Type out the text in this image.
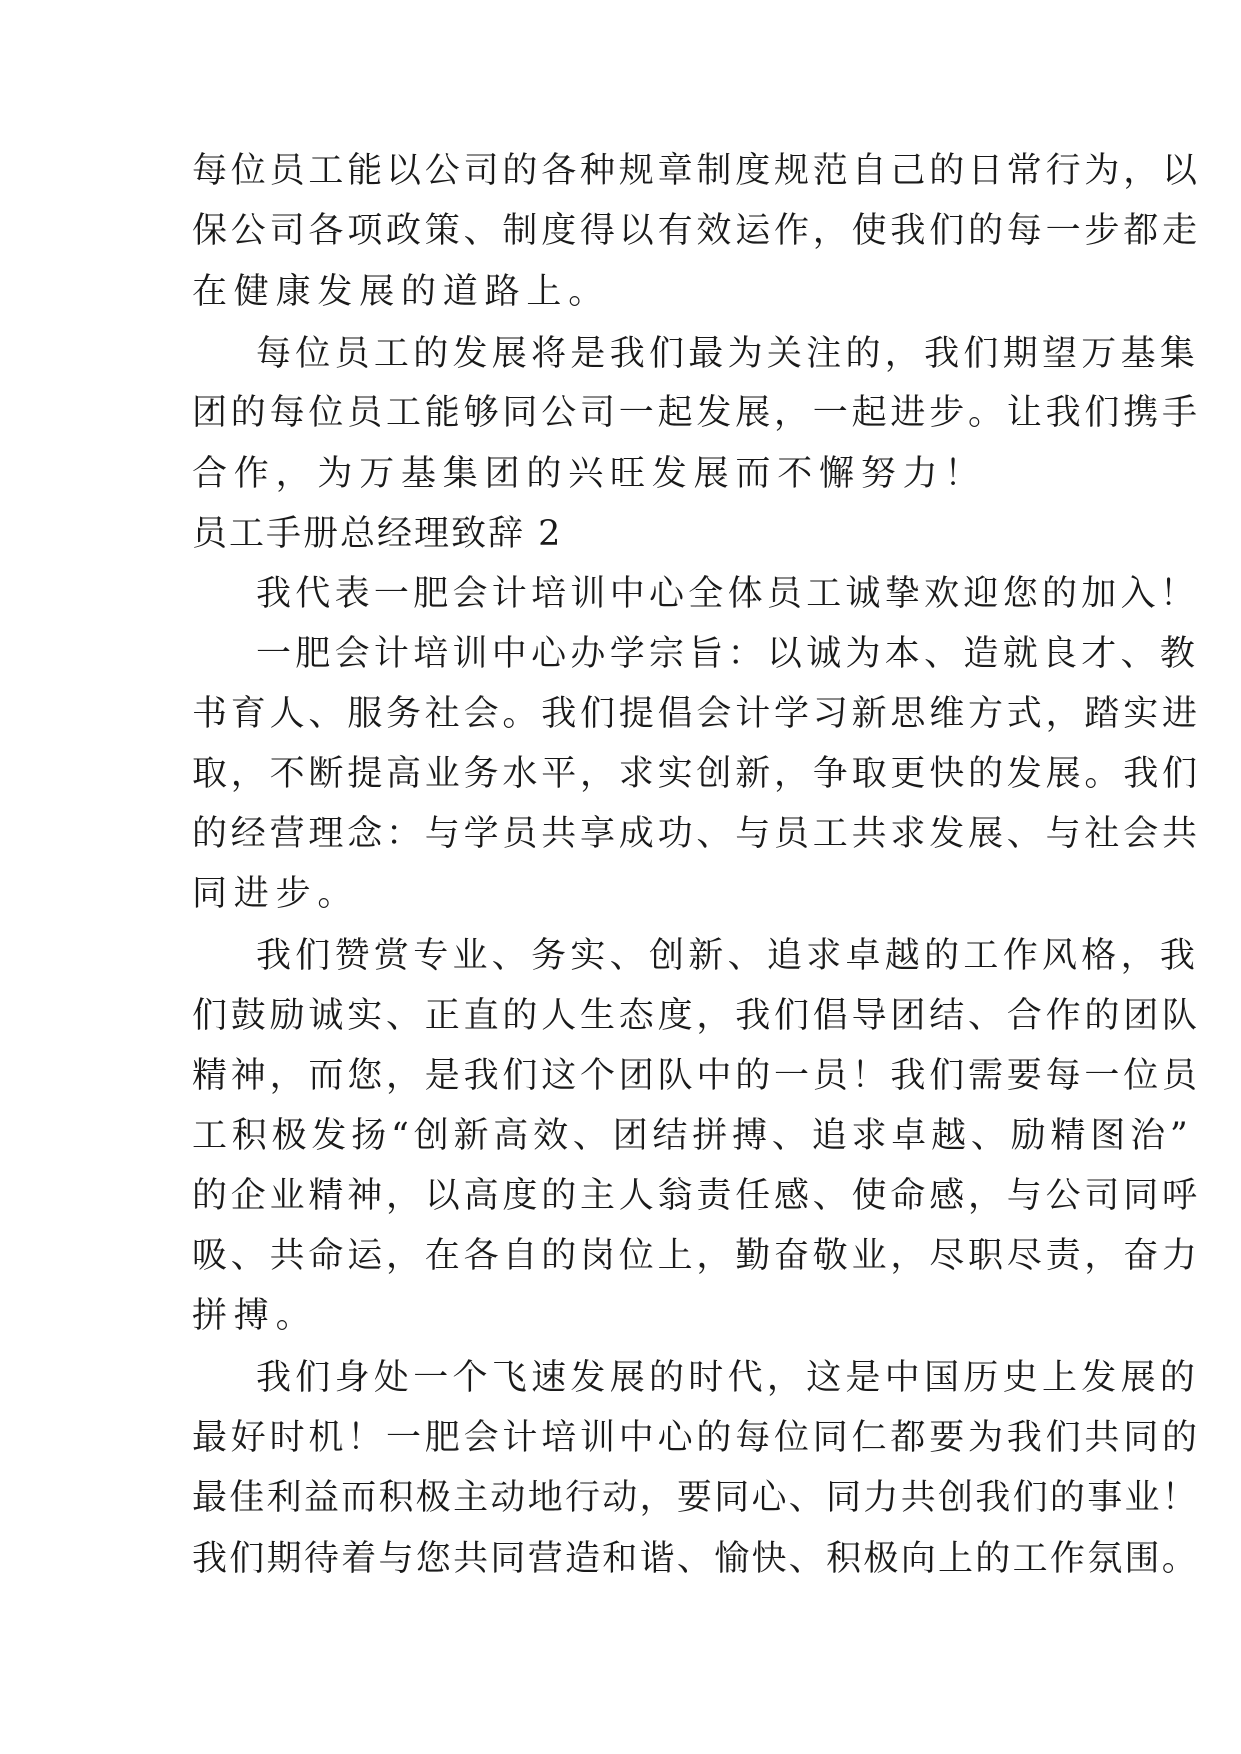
每位员工能以公司的各种规章制度规范自己的日常行为，以
保公司各项政策、制度得以有效运作，使我们的每一步都走
在健康发展的道路上。
每位员工的发展将是我们最为关注的，我们期望万基集
团的每位员工能够同公司一起发展，一起进步。让我们携手
合作，为万基集团的兴旺发展而不懈努力！
员工手册总经理致辞 2
我代表一肥会计培训中心全体员工诚挚欢迎您的加入！
一肥会计培训中心办学宗旨：以诚为本、造就良才、教
书育人、服务社会。我们提倡会计学习新思维方式，踏实进
取，不断提高业务水平，求实创新，争取更快的发展。我们
的经营理念：与学员共享成功、与员工共求发展、与社会共
同进步。
我们赞赏专业、务实、创新、追求卓越的工作风格，我
们鼓励诚实、正直的人生态度，我们倡导团结、合作的团队
精神，而您，是我们这个团队中的一员！我们需要每一位员
工积极发扬“创新高效、团结拼搏、追求卓越、励精图治”
的企业精神，以高度的主人翁责任感、使命感，与公司同呼
吸、共命运，在各自的岗位上，勤奋敬业，尽职尽责，奋力
拼搏。
我们身处一个飞速发展的时代，这是中国历史上发展的
最好时机！一肥会计培训中心的每位同仁都要为我们共同的
最佳利益而积极主动地行动，要同心、同力共创我们的事业！
我们期待着与您共同营造和谐、愉快、积极向上的工作氛围。
